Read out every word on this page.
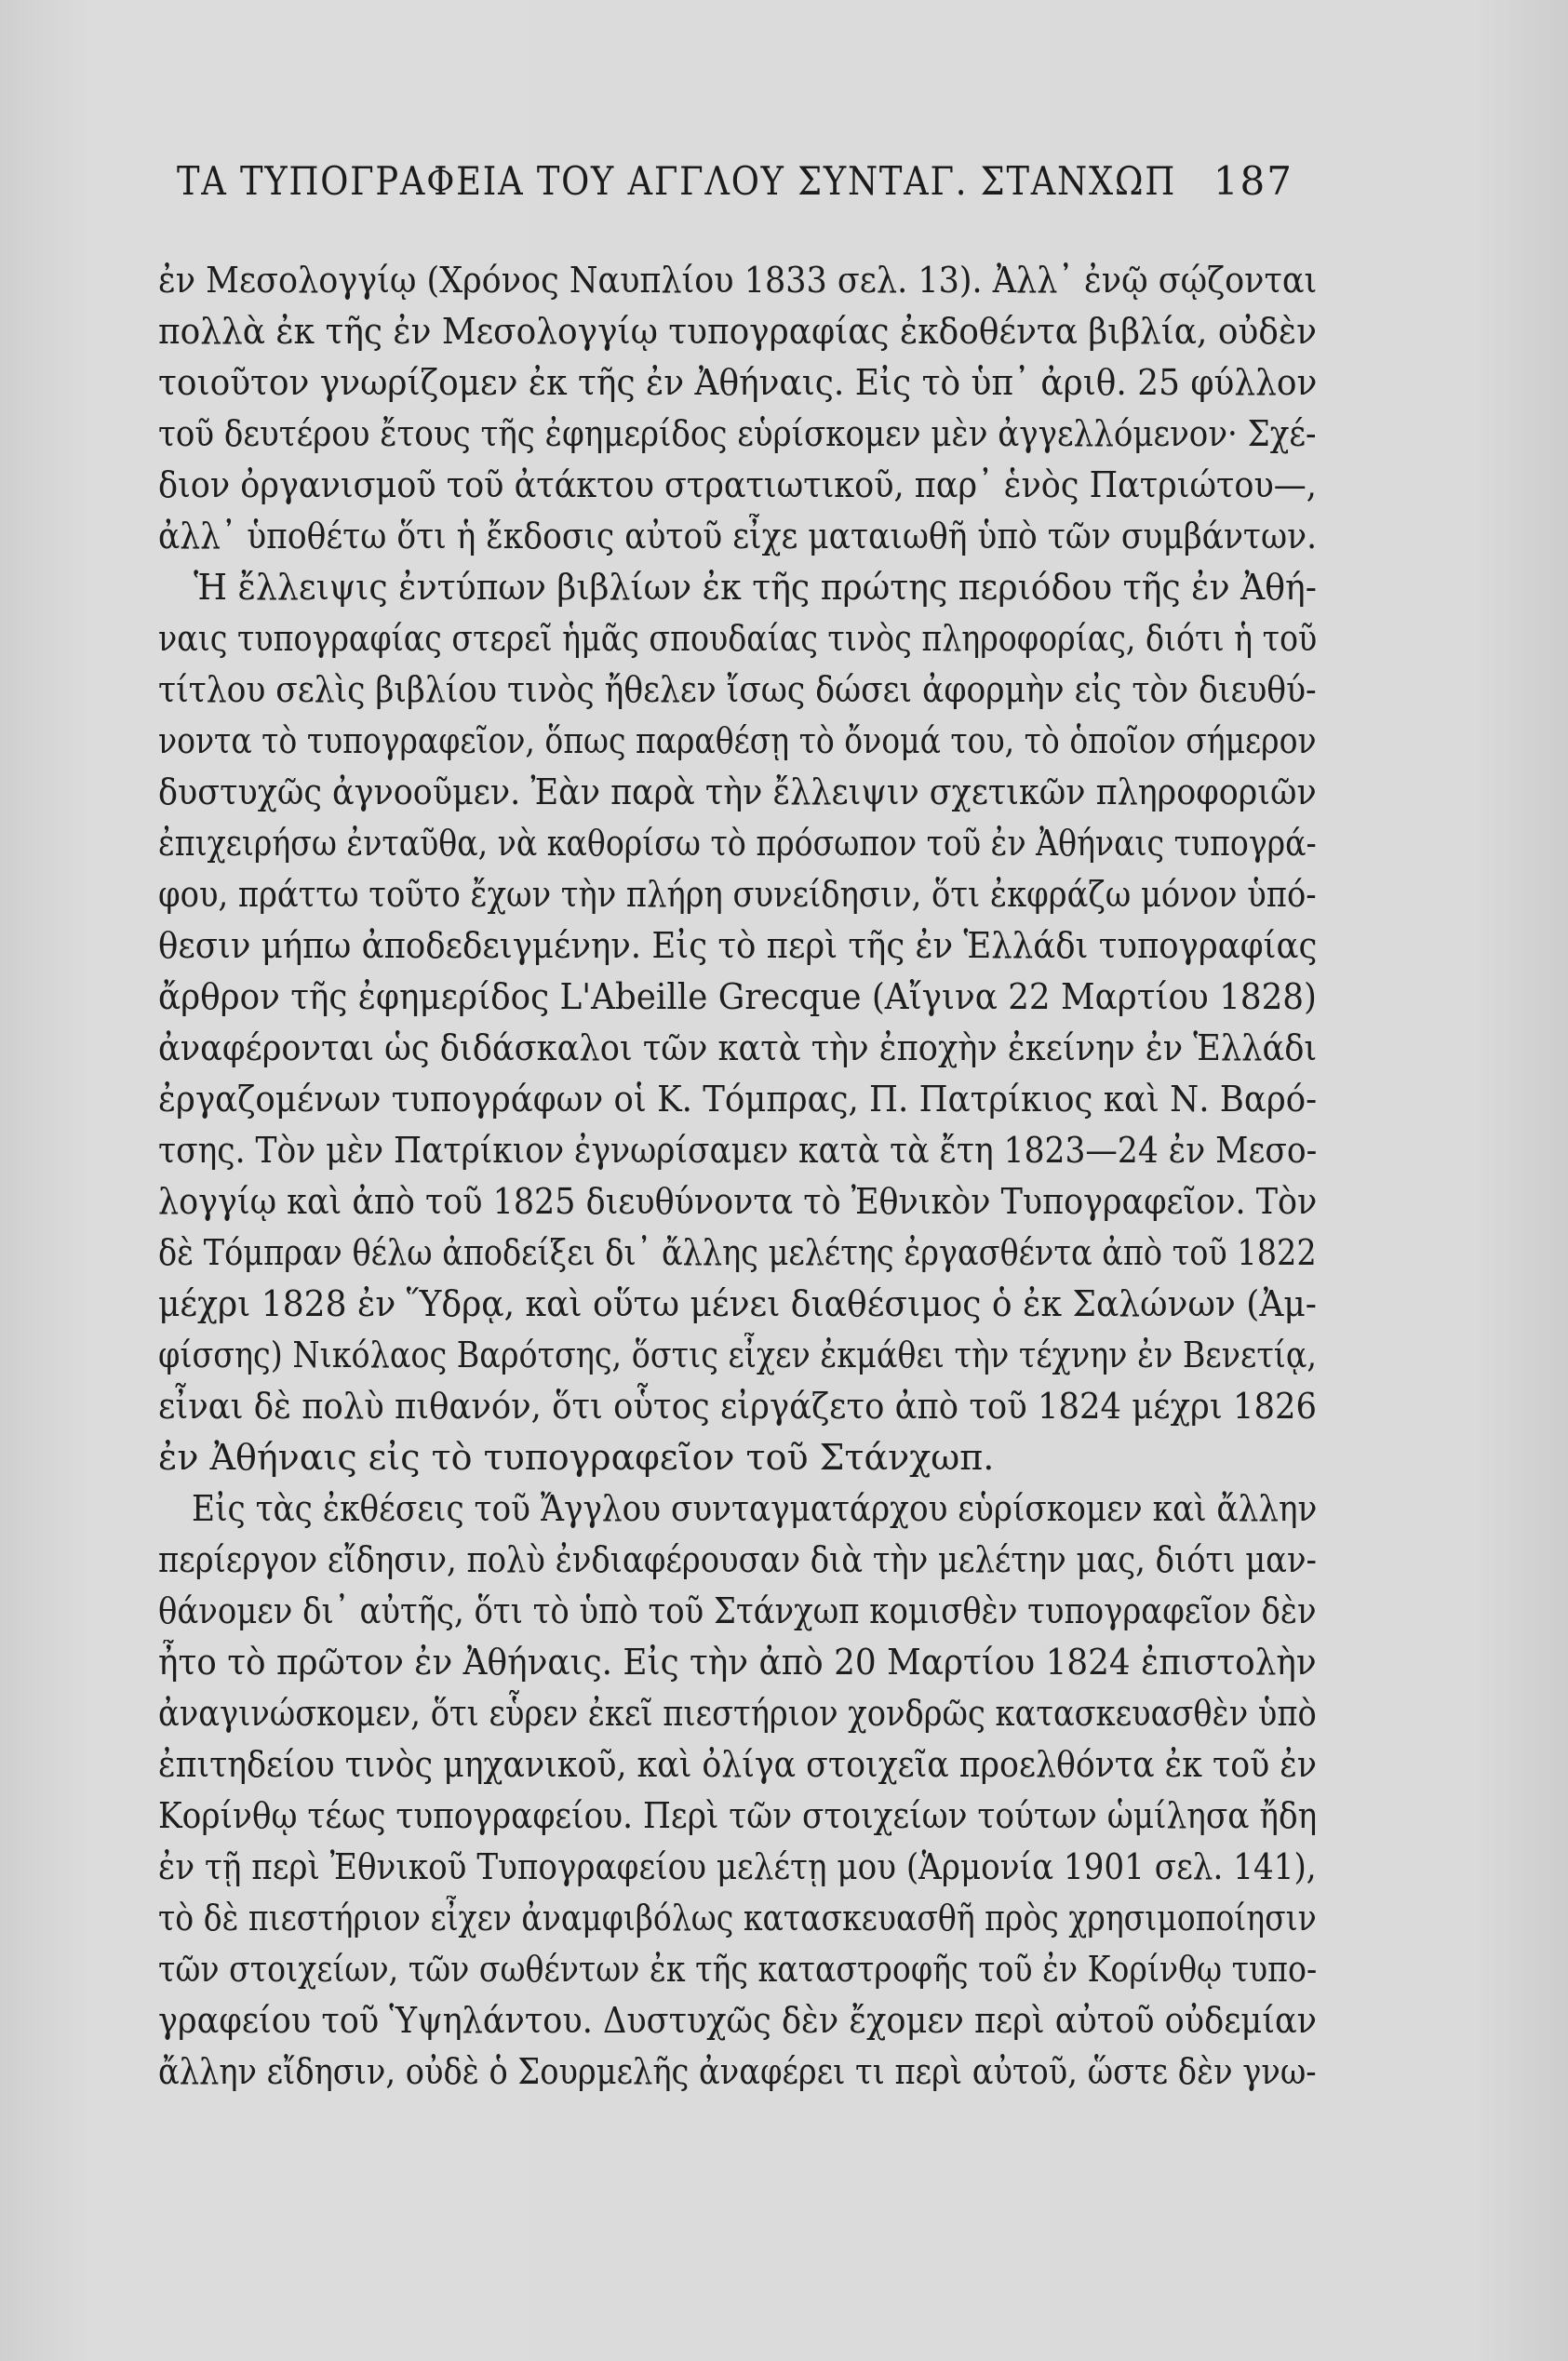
ΤΑ ΤΥΠΟΓΡΑΦΕΙΑ ΤΟΥ ΑΓΓΛΟΥ ΣΥΝΤΑΓ. ΣΤΑΝΧΩΠ 187
ἐν Μεσολογγίῳ (Χρόνος Ναυπλίου 1833 σελ. 13). Ἀλλ᾽ ἐνῷ σῴζονται
πολλὰ ἐκ τῆς ἐν Μεσολογγίῳ τυπογραφίας ἐκδοθέντα βιβλία, οὐδὲν
τοιοῦτον γνωρίζομεν ἐκ τῆς ἐν Ἀθήναις. Εἰς τὸ ὑπ᾽ ἀριθ. 25 φύλλον
τοῦ δευτέρου ἔτους τῆς ἐφημερίδος εὑρίσκομεν μὲν ἀγγελλόμενον· Σχέ-
διον ὀργανισμοῦ τοῦ ἀτάκτου στρατιωτικοῦ, παρ᾽ ἑνὸς Πατριώτου—,
ἀλλ᾽ ὑποθέτω ὅτι ἡ ἔκδοσις αὐτοῦ εἶχε ματαιωθῆ ὑπὸ τῶν συμβάντων.
Ἡ ἔλλειψις ἐντύπων βιβλίων ἐκ τῆς πρώτης περιόδου τῆς ἐν Ἀθή-
ναις τυπογραφίας στερεῖ ἡμᾶς σπουδαίας τινὸς πληροφορίας, διότι ἡ τοῦ
τίτλου σελὶς βιβλίου τινὸς ἤθελεν ἴσως δώσει ἀφορμὴν εἰς τὸν διευθύ-
νοντα τὸ τυπογραφεῖον, ὅπως παραθέσῃ τὸ ὄνομά του, τὸ ὁποῖον σήμερον
δυστυχῶς ἀγνοοῦμεν. Ἐὰν παρὰ τὴν ἔλλειψιν σχετικῶν πληροφοριῶν
ἐπιχειρήσω ἐνταῦθα, νὰ καθορίσω τὸ πρόσωπον τοῦ ἐν Ἀθήναις τυπογρά-
φου, πράττω τοῦτο ἔχων τὴν πλήρη συνείδησιν, ὅτι ἐκφράζω μόνον ὑπό-
θεσιν μήπω ἀποδεδειγμένην. Εἰς τὸ περὶ τῆς ἐν Ἑλλάδι τυπογραφίας
ἄρθρον τῆς ἐφημερίδος L'Abeille Grecque (Αἴγινα 22 Μαρτίου 1828)
ἀναφέρονται ὡς διδάσκαλοι τῶν κατὰ τὴν ἐποχὴν ἐκείνην ἐν Ἑλλάδι
ἐργαζομένων τυπογράφων οἱ Κ. Τόμπρας, Π. Πατρίκιος καὶ Ν. Βαρό-
τσης. Τὸν μὲν Πατρίκιον ἐγνωρίσαμεν κατὰ τὰ ἔτη 1823—24 ἐν Μεσο-
λογγίῳ καὶ ἀπὸ τοῦ 1825 διευθύνοντα τὸ Ἐθνικὸν Τυπογραφεῖον. Τὸν
δὲ Τόμπραν θέλω ἀποδείξει δι᾽ ἄλλης μελέτης ἐργασθέντα ἀπὸ τοῦ 1822
μέχρι 1828 ἐν Ὕδρᾳ, καὶ οὕτω μένει διαθέσιμος ὁ ἐκ Σαλώνων (Ἀμ-
φίσσης) Νικόλαος Βαρότσης, ὅστις εἶχεν ἐκμάθει τὴν τέχνην ἐν Βενετίᾳ,
εἶναι δὲ πολὺ πιθανόν, ὅτι οὗτος εἰργάζετο ἀπὸ τοῦ 1824 μέχρι 1826
ἐν Ἀθήναις εἰς τὸ τυπογραφεῖον τοῦ Στάνχωπ.
Εἰς τὰς ἐκθέσεις τοῦ Ἄγγλου συνταγματάρχου εὑρίσκομεν καὶ ἄλλην
περίεργον εἴδησιν, πολὺ ἐνδιαφέρουσαν διὰ τὴν μελέτην μας, διότι μαν-
θάνομεν δι᾽ αὐτῆς, ὅτι τὸ ὑπὸ τοῦ Στάνχωπ κομισθὲν τυπογραφεῖον δὲν
ἦτο τὸ πρῶτον ἐν Ἀθήναις. Εἰς τὴν ἀπὸ 20 Μαρτίου 1824 ἐπιστολὴν
ἀναγινώσκομεν, ὅτι εὗρεν ἐκεῖ πιεστήριον χονδρῶς κατασκευασθὲν ὑπὸ
ἐπιτηδείου τινὸς μηχανικοῦ, καὶ ὀλίγα στοιχεῖα προελθόντα ἐκ τοῦ ἐν
Κορίνθῳ τέως τυπογραφείου. Περὶ τῶν στοιχείων τούτων ὡμίλησα ἤδη
ἐν τῇ περὶ Ἐθνικοῦ Τυπογραφείου μελέτῃ μου (Ἁρμονία 1901 σελ. 141),
τὸ δὲ πιεστήριον εἶχεν ἀναμφιβόλως κατασκευασθῆ πρὸς χρησιμοποίησιν
τῶν στοιχείων, τῶν σωθέντων ἐκ τῆς καταστροφῆς τοῦ ἐν Κορίνθῳ τυπο-
γραφείου τοῦ Ὑψηλάντου. Δυστυχῶς δὲν ἔχομεν περὶ αὐτοῦ οὐδεμίαν
ἄλλην εἴδησιν, οὐδὲ ὁ Σουρμελῆς ἀναφέρει τι περὶ αὐτοῦ, ὥστε δὲν γνω-
